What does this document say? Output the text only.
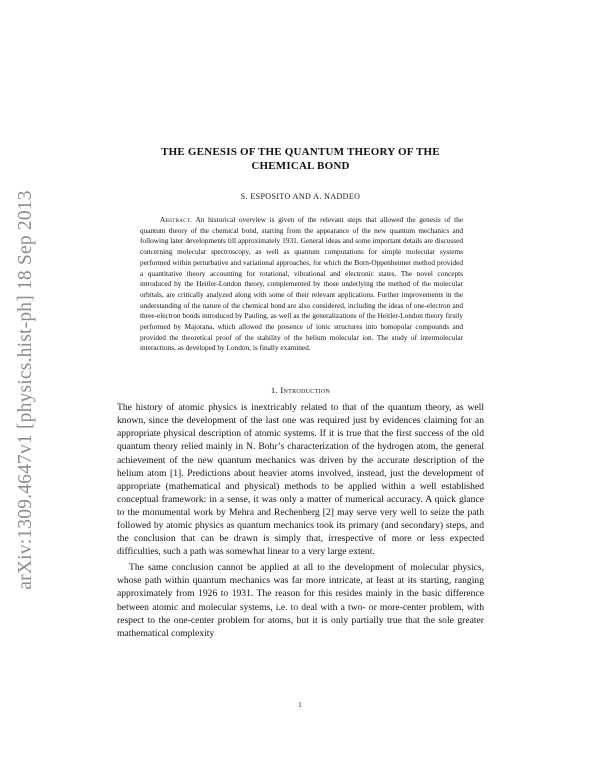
arXiv:1309.4647v1 [physics.hist-ph] 18 Sep 2013
THE GENESIS OF THE QUANTUM THEORY OF THE
CHEMICAL BOND
S. ESPOSITO AND A. NADDEO
Abstract. An historical overview is given of the relevant steps that allowed the genesis of the quantum theory of the chemical bond, starting from the appearance of the new quantum mechanics and following later developments till approximately 1931. General ideas and some important details are discussed concerning molecular spectroscopy, as well as quantum computations for simple molecular systems performed within perturbative and variational approaches, for which the Born-Oppenheimer method provided a quantitative theory accounting for rotational, vibrational and electronic states. The novel concepts introduced by the Heitler-London theory, complemented by those underlying the method of the molecular orbitals, are critically analyzed along with some of their relevant applications. Further improvements in the understanding of the nature of the chemical bond are also considered, including the ideas of one-electron and three-electron bonds introduced by Pauling, as well as the generalizations of the Heitler-London theory firstly performed by Majorana, which allowed the presence of ionic structures into homopolar compounds and provided the theoretical proof of the stability of the helium molecular ion. The study of intermolecular interactions, as developed by London, is finally examined.
1. Introduction

The history of atomic physics is inextricably related to that of the quantum theory, as well known, since the development of the last one was required just by evidences claiming for an appropriate physical description of atomic systems. If it is true that the first success of the old quantum theory relied mainly in N. Bohr’s characterization of the hydrogen atom, the general achievement of the new quantum mechanics was driven by the accurate description of the helium atom [1]. Predictions about heavier atoms involved, instead, just the development of appropriate (mathematical and physical) methods to be applied within a well established conceptual framework: in a sense, it was only a matter of numerical accuracy. A quick glance to the monumental work by Mehra and Rechenberg [2] may serve very well to seize the path followed by atomic physics as quantum mechanics took its primary (and secondary) steps, and the conclusion that can be drawn is simply that, irrespective of more or less expected difficulties, such a path was somewhat linear to a very large extent.

The same conclusion cannot be applied at all to the development of molecular physics, whose path within quantum mechanics was far more intricate, at least at its starting, ranging approximately from 1926 to 1931. The reason for this resides mainly in the basic difference between atomic and molecular systems, i.e. to deal with a two- or more-center problem, with respect to the one-center problem for atoms, but it is only partially true that the sole greater mathematical complexity

1
